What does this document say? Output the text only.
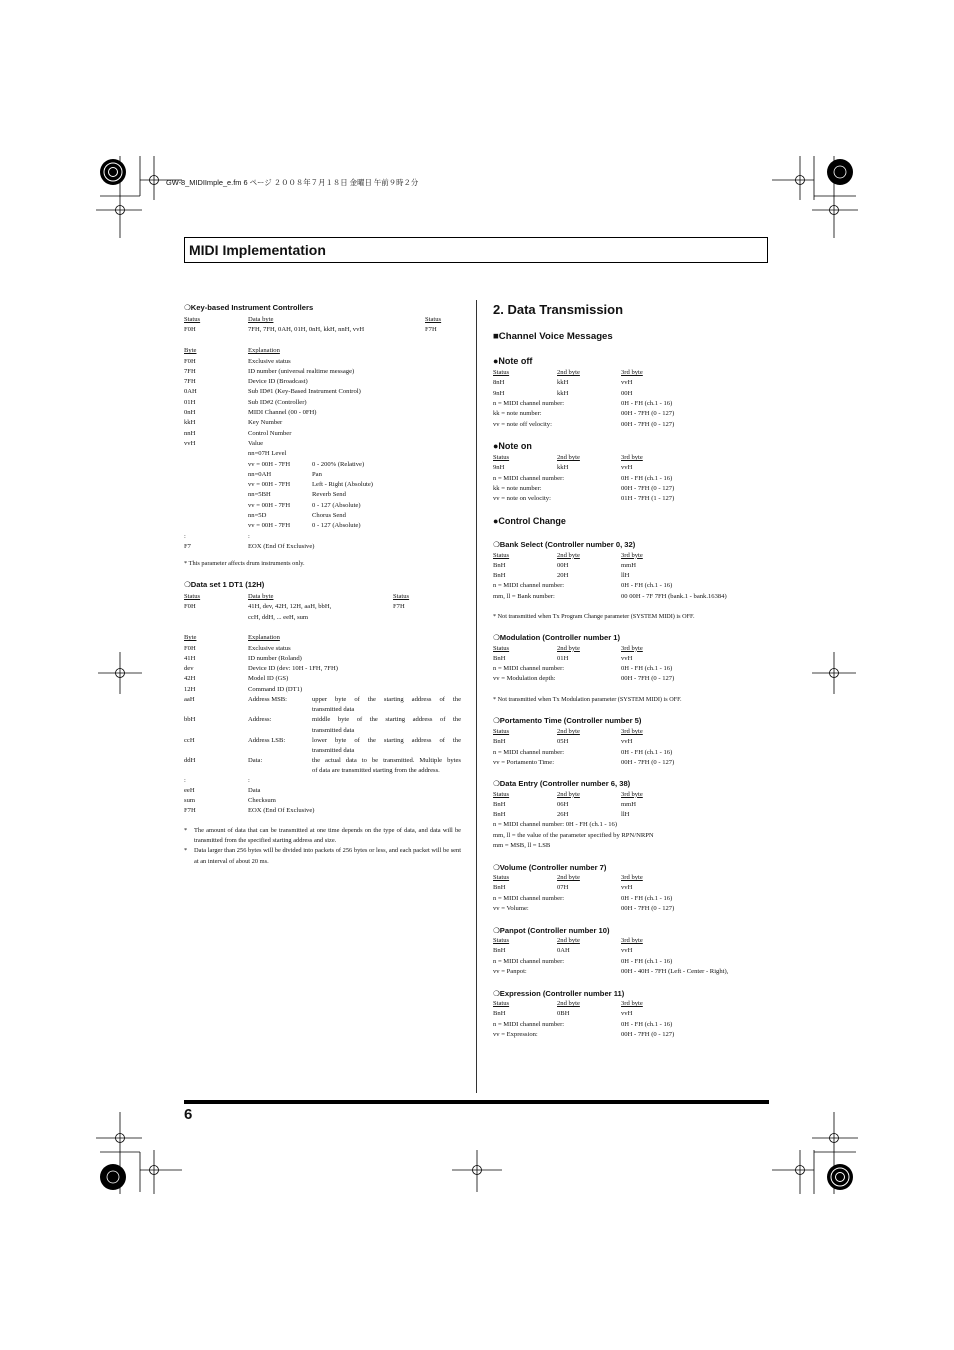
GW-8_MIDIImple_e.fm 6 ページ ２００８年７月１８日 金曜日 午前９時２分
MIDI Implementation
6
❍Key-based Instrument Controllers
Status	Data byte	Status
F0H	7FH, 7FH, 0AH, 01H, 0nH, kkH, nnH, vvH	F7H
Byte	Explanation
F0H	Exclusive status
7FH	ID number (universal realtime message)
7FH	Device ID (Broadcast)
0AH	Sub ID#1 (Key-Based Instrument Control)
01H	Sub ID#2 (Controller)
0nH	MIDI Channel (00 - 0FH)
kkH	Key Number
nnH	Control Number
vvH	Value
nn=07H Level
vv = 00H - 7FH	0 - 200% (Relative)
nn=0AH	Pan
vv = 00H - 7FH	Left - Right (Absolute)
nn=5BH	Reverb Send
vv = 00H - 7FH	0 - 127 (Absolute)
nn=5D	Chorus Send
vv = 00H - 7FH	0 - 127 (Absolute)
:	:
F7	EOX (End Of Exclusive)
* This parameter affects drum instruments only.
❍Data set 1 DT1 (12H)
Status	Data byte	Status
F0H	41H, dev, 42H, 12H, aaH, bbH,	F7H
ccH, ddH, ... eeH, sum
Byte	Explanation
F0H	Exclusive status
41H	ID number (Roland)
dev	Device ID (dev: 10H - 1FH, 7FH)
42H	Model ID (GS)
12H	Command ID (DT1)
aaH	Address MSB:	upper byte of the starting address of the
transmitted data
bbH	Address:	middle byte of the starting address of the
transmitted data
ccH	Address LSB:	lower byte of the starting address of the
transmitted data
ddH	Data:	the actual data to be transmitted. Multiple bytes
of data are transmitted starting from the address.
:	:
eeH	Data
sum	Checksum
F7H	EOX (End Of Exclusive)
* The amount of data that can be transmitted at one time depends on the type of data, and data will be transmitted from the specified starting address and size.
* Data larger than 256 bytes will be divided into packets of 256 bytes or less, and each packet will be sent at an interval of about 20 ms.
2. Data Transmission
■Channel Voice Messages
●Note off
Status	2nd byte	3rd byte
8nH	kkH	vvH
9nH	kkH	00H
n = MIDI channel number:	0H - FH (ch.1 - 16)
kk = note number:	00H - 7FH (0 - 127)
vv = note off velocity:	00H - 7FH (0 - 127)
●Note on
Status	2nd byte	3rd byte
9nH	kkH	vvH
n = MIDI channel number:	0H - FH (ch.1 - 16)
kk = note number:	00H - 7FH (0 - 127)
vv = note on velocity:	01H - 7FH (1 - 127)
●Control Change
❍Bank Select (Controller number 0, 32)
Status	2nd byte	3rd byte
BnH	00H	mmH
BnH	20H	llH
n = MIDI channel number:	0H - FH (ch.1 - 16)
mm, ll = Bank number:	00 00H - 7F 7FH (bank.1 - bank.16384)
* Not transmitted when Tx Program Change parameter (SYSTEM MIDI) is OFF.
❍Modulation (Controller number 1)
Status	2nd byte	3rd byte
BnH	01H	vvH
n = MIDI channel number:	0H - FH (ch.1 - 16)
vv = Modulation depth:	00H - 7FH (0 - 127)
* Not transmitted when Tx Modulation parameter (SYSTEM MIDI) is OFF.
❍Portamento Time (Controller number 5)
Status	2nd byte	3rd byte
BnH	05H	vvH
n = MIDI channel number:	0H - FH (ch.1 - 16)
vv = Portamento Time:	00H - 7FH (0 - 127)
❍Data Entry (Controller number 6, 38)
Status	2nd byte	3rd byte
BnH	06H	mmH
BnH	26H	llH
n = MIDI channel number: 0H - FH (ch.1 - 16)
mm, ll = the value of the parameter specified by RPN/NRPN
mm = MSB, ll = LSB
❍Volume (Controller number 7)
Status	2nd byte	3rd byte
BnH	07H	vvH
n = MIDI channel number:	0H - FH (ch.1 - 16)
vv = Volume:	00H - 7FH (0 - 127)
❍Panpot (Controller number 10)
Status	2nd byte	3rd byte
BnH	0AH	vvH
n = MIDI channel number:	0H - FH (ch.1 - 16)
vv = Panpot:	00H - 40H - 7FH (Left - Center - Right),
❍Expression (Controller number 11)
Status	2nd byte	3rd byte
BnH	0BH	vvH
n = MIDI channel number:	0H - FH (ch.1 - 16)
vv = Expression:	00H - 7FH (0 - 127)
